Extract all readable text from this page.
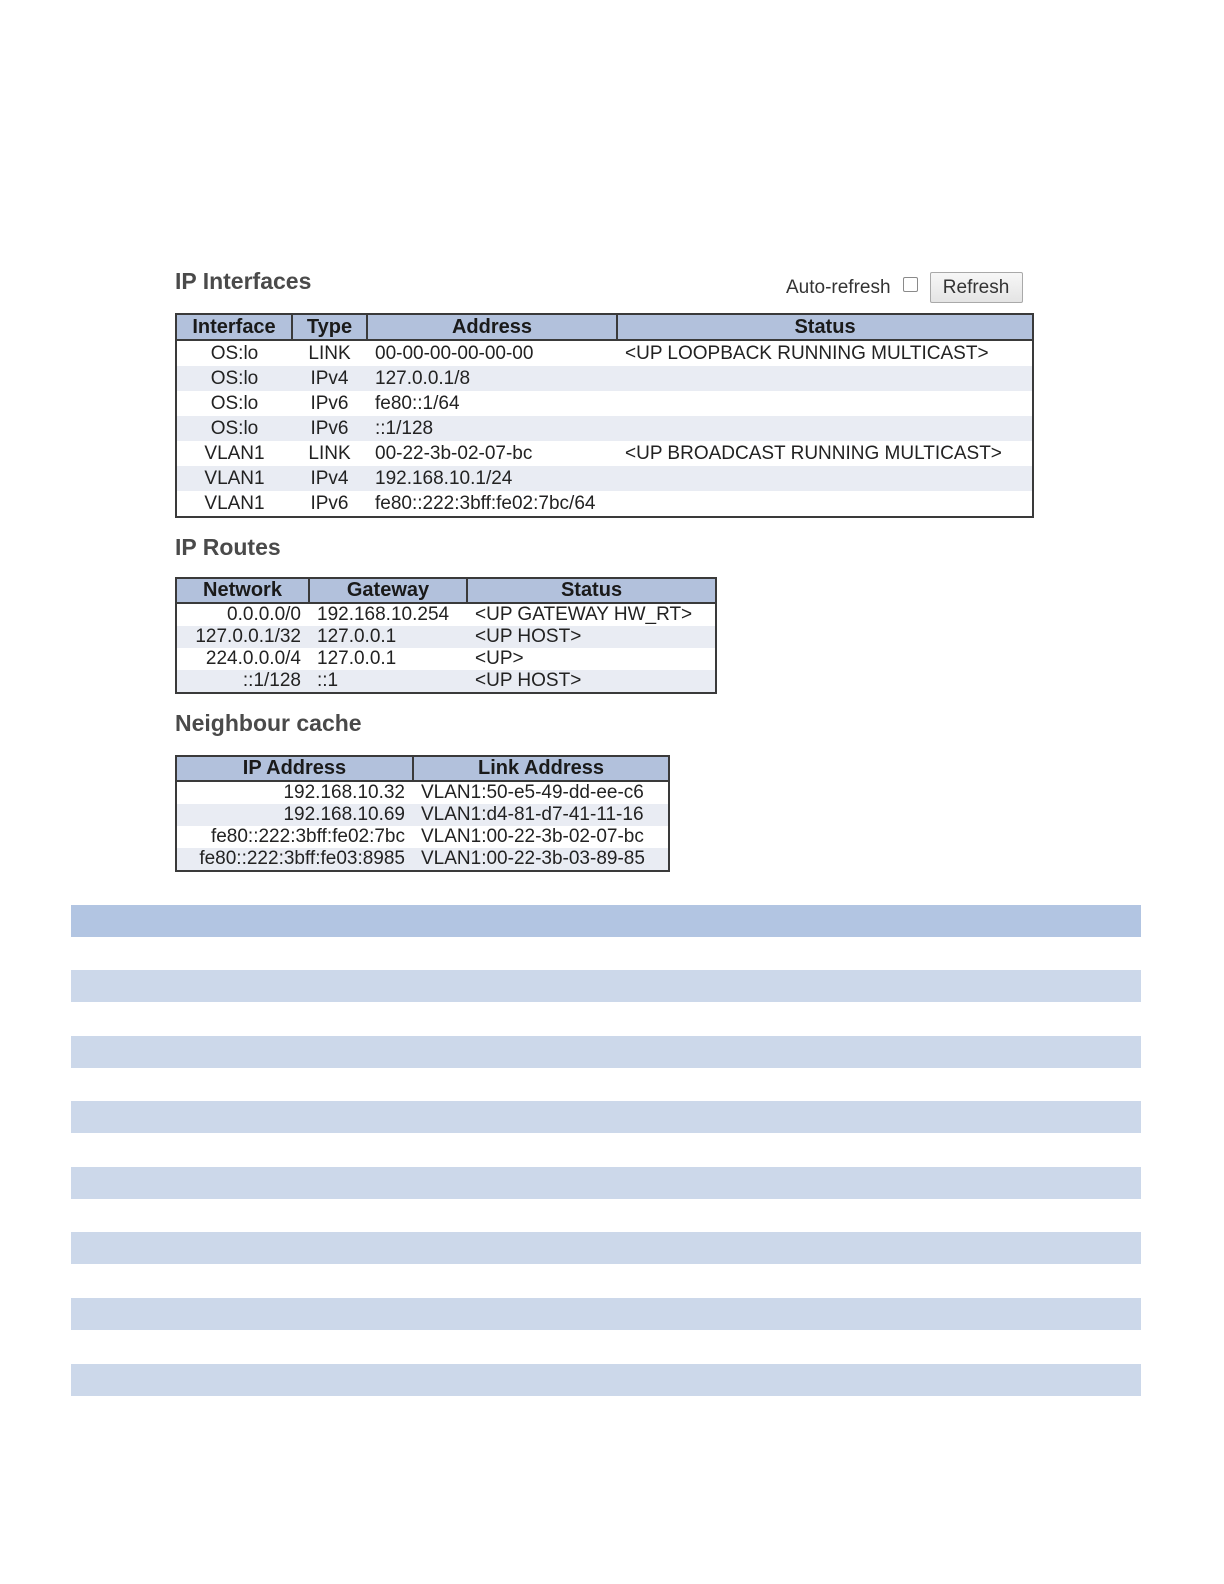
IP Interfaces	Auto-refresh	Refresh
Interface	Type	Address	Status
OS:lo	LINK	00-00-00-00-00-00	<UP LOOPBACK RUNNING MULTICAST>
OS:lo	IPv4	127.0.0.1/8	
OS:lo	IPv6	fe80::1/64	
OS:lo	IPv6	::1/128	
VLAN1	LINK	00-22-3b-02-07-bc	<UP BROADCAST RUNNING MULTICAST>
VLAN1	IPv4	192.168.10.1/24	
VLAN1	IPv6	fe80::222:3bff:fe02:7bc/64	
IP Routes
Network	Gateway	Status
0.0.0.0/0	192.168.10.254	<UP GATEWAY HW_RT>
127.0.0.1/32	127.0.0.1	<UP HOST>
224.0.0.0/4	127.0.0.1	<UP>
::1/128	::1	<UP HOST>
Neighbour cache
IP Address	Link Address
192.168.10.32	VLAN1:50-e5-49-dd-ee-c6
192.168.10.69	VLAN1:d4-81-d7-41-11-16
fe80::222:3bff:fe02:7bc	VLAN1:00-22-3b-02-07-bc
fe80::222:3bff:fe03:8985	VLAN1:00-22-3b-03-89-85
